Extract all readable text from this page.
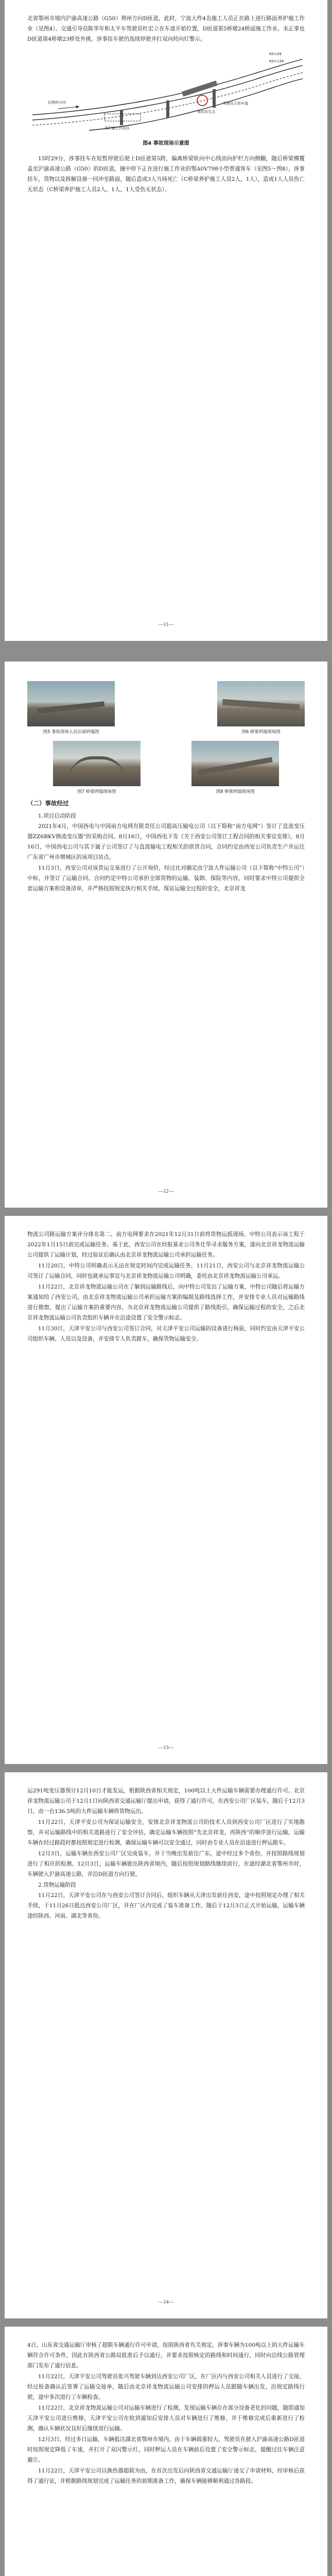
北省鄂州市境内沪渝高速公路（G50）荆州方向D匝道，此时，宁波大件4名施工人员正在路上进行路面养护施工作业（见图4）。交通引导员陈华年和太平车驾驶员杜宏立在车道开始位置，D匝道第5桥墩24桥面施工作业。未正事也D匝道第4桥墩23桥处外挑。涉事挂车驶仍连续停驶并打双向转向灯警示。

K0+09
K0+134
往荆州方向	驾驶员占用车道
事故发生点
养护施工作业区
图4 事故现场示意图

15时29分，涉事挂车在短暂停驶后驶上D匝道第5跨，偏离桥梁轨向中心线而向护栏方向侧翻，随后桥梁横覆盖至沪渝高速公路（G50）的D匝道，撞中停下正在进行施工作业的鄂A0V798小型普通客车（见图5～图8），涉事挂车，货物以及拆解设备一同冲至路面，随后造成3人当场死亡（C桥梁养护施工人员2人，1人），造成1人人员伤亡无状态（C桥梁养护施工人员2人，1人，1人受伤无状态）。

—11—
图5 事故现场人员后部坍塌图	图6 桥梁坍塌现场图
图7 桥梁坍塌现场图	图8 桥梁坍塌现场图
（二）事故经过

1.项目启动阶段

2021年4月，中国西电与中国南方电网有限责任公司超高压输电公司（以下简称“南方电网”）签订了直流变压器ZZ6BKV换流变压器“的采购合同。8月16日，中国西电下发《关于西安公司签订工程合同的相关事宜安排》，8月16日，中国西电公司与其下属子公司签订了与直流输电工程相关的供货合同，合同约定由西安公司负责生产并运往广东省广州市增城区的该项目站点。

11月3日，西安公司对该货运交易进行了公开询价，经过比对确定由宁波大件运输公司（以下简称“中特公司”）中标，并签订了运输合同。合同约定中特公司承担全部货物的运输、装卸、保险等内容，同时要求中特公司提供全套运输方案和设备清单，并严格按照规定执行相关手续，保证运输全过程的安全，北京祥龙

—12—

物流公司路运输方案评分排名第二。南方电网要求在2021年12月31日前将货物运抵现场。中特公司表示该工程于2022年1月15日前完成运输任务。基于此，西安公司在经报基业公司务仕华寻求服务方案，遂向北京祥龙物流运输公司提供了运输计划，经过验证后确认由北京祥龙物流运输公司承担运输任务。

11月20日，中特公司明确表示无法在规定时间内完成运输任务，11月21日，西安公司与北京祥龙物流运输公司签订了运输合同，同时也就承运事宜与北京祥龙物流运输公司明确，委托由北京祥龙物流运输公司承运。

11月22日，北京祥龙物流运输公司在了解到运输路线后，向中特公司发出了运输方案，中特公司随后将运输方案通知给了西安公司，由北京祥龙物流运输公司承担运输方案的编制及路线选择工作，并安排专业人员对运输路线进行勘察，提出了运输方案的重要内容，为北京祥龙物流运输公司提供了路线指引，确保运输过程的安全，之后北京祥龙物流运输公司负责组织车辆并在沿途设置了安全警示标志。

11月30日，天津平安公司与西安公司签订合同，对天津平安公司运输的设备进行核验，同时约定由天津平安公司组织车辆、人员以及设备，并安排专人负责跟车，确保货物运输安全。

—13—

运291吨变压器预计12月10日才能发运，根据陕西省相关规定，100吨以上大件运输车辆需要办理通行许可。北京祥龙物流运输公司于12月1日向陕西省交通运输厅提出申请，获得了通行许可，在西安公司厂区装车，随后于12月3日，由一台136.5吨的大件运输车辆将货物运出。

11月22日，天津平安公司为保证运输安全，安排北京祥龙物流公司的技术人员到西安公司厂区进行了实地勘察，并对运输路线中的相关道路进行了安全评估，确定运输车辆按照“先北京祥龙，再陕西”的顺序进行运输，运输车辆在经过路段时都按照规定进行检测，确保运输车辆可以安全通过，同时由专业人员在沿途进行押运跟车。

12月3日，运输车辆在西安公司厂区完成装车，并于当晚出发前往广东，途中经过多个省份，并按照路线规划进行了相应的检测。12月3日，运输车辆驶出陕西省境内，随后按照规划路线继续前行，在途经湖北省鄂州市时，车辆驶入沪渝高速公路，并沿D匝道方向行驶。

2.货物运输阶段

11月22日，天津平安公司在与西安公司签订合同后，组织车辆从天津出发前往西安，途中按照规定办理了相关手续，于11月26日抵达西安公司厂区，并在厂区内完成了装车准备工作，随后于12月3日正式开始运输，运输车辆途经陕西、河南、湖北等省份。

—14—

4日，山东省交通运输厅审核了超限车辆通行许可申请，按照陕西省有关规定，涉事车辆为100吨以上的大件运输车辆符合许可条件，因此在陕西省公路局批准后予以通行，并要求按照核定的路线和时间通行，同时向沿线公路管理部门发布了通行信息。

11月22日，天津平安公司驾驶员张兴驾驶车辆到达西安公司厂区，在厂区内与西安公司相关人员进行了交接，经过检查确认后签署了运输交接单，随后由北京祥龙物流运输公司安排的押运人员跟随车辆出发，沿规定路线行驶，途中多次进行了车辆检查。

11月22日，北京祥龙物流运输公司对运输车辆进行了检测，发现运输车辆存在部分设备老化的问题，随即通知天津平安公司进行维修，天津平安公司在收到通知后安排人员对车辆进行了维修，并于维修完成后重新进行了检测，确认车辆状况良好后继续进行运输。

12月3日，经过多日运输，车辆抵达湖北省鄂州市境内，由于车辆载重较大，驾驶员在驶入沪渝高速公路D匝道时按照规定降低了车速，并打开了双闪警示灯，同时押运人员在车辆前后设置了安全警示标志，提醒过往车辆注意避让。

11月22日，天津平安公司以换热器超载为由，在首次出发后向陕西省交通运输厅递交了申请材料，经审核后获得了通行证，并根据路线规划完成了运输任务的前期准备工作，确保车辆能够顺利通过各路段。
